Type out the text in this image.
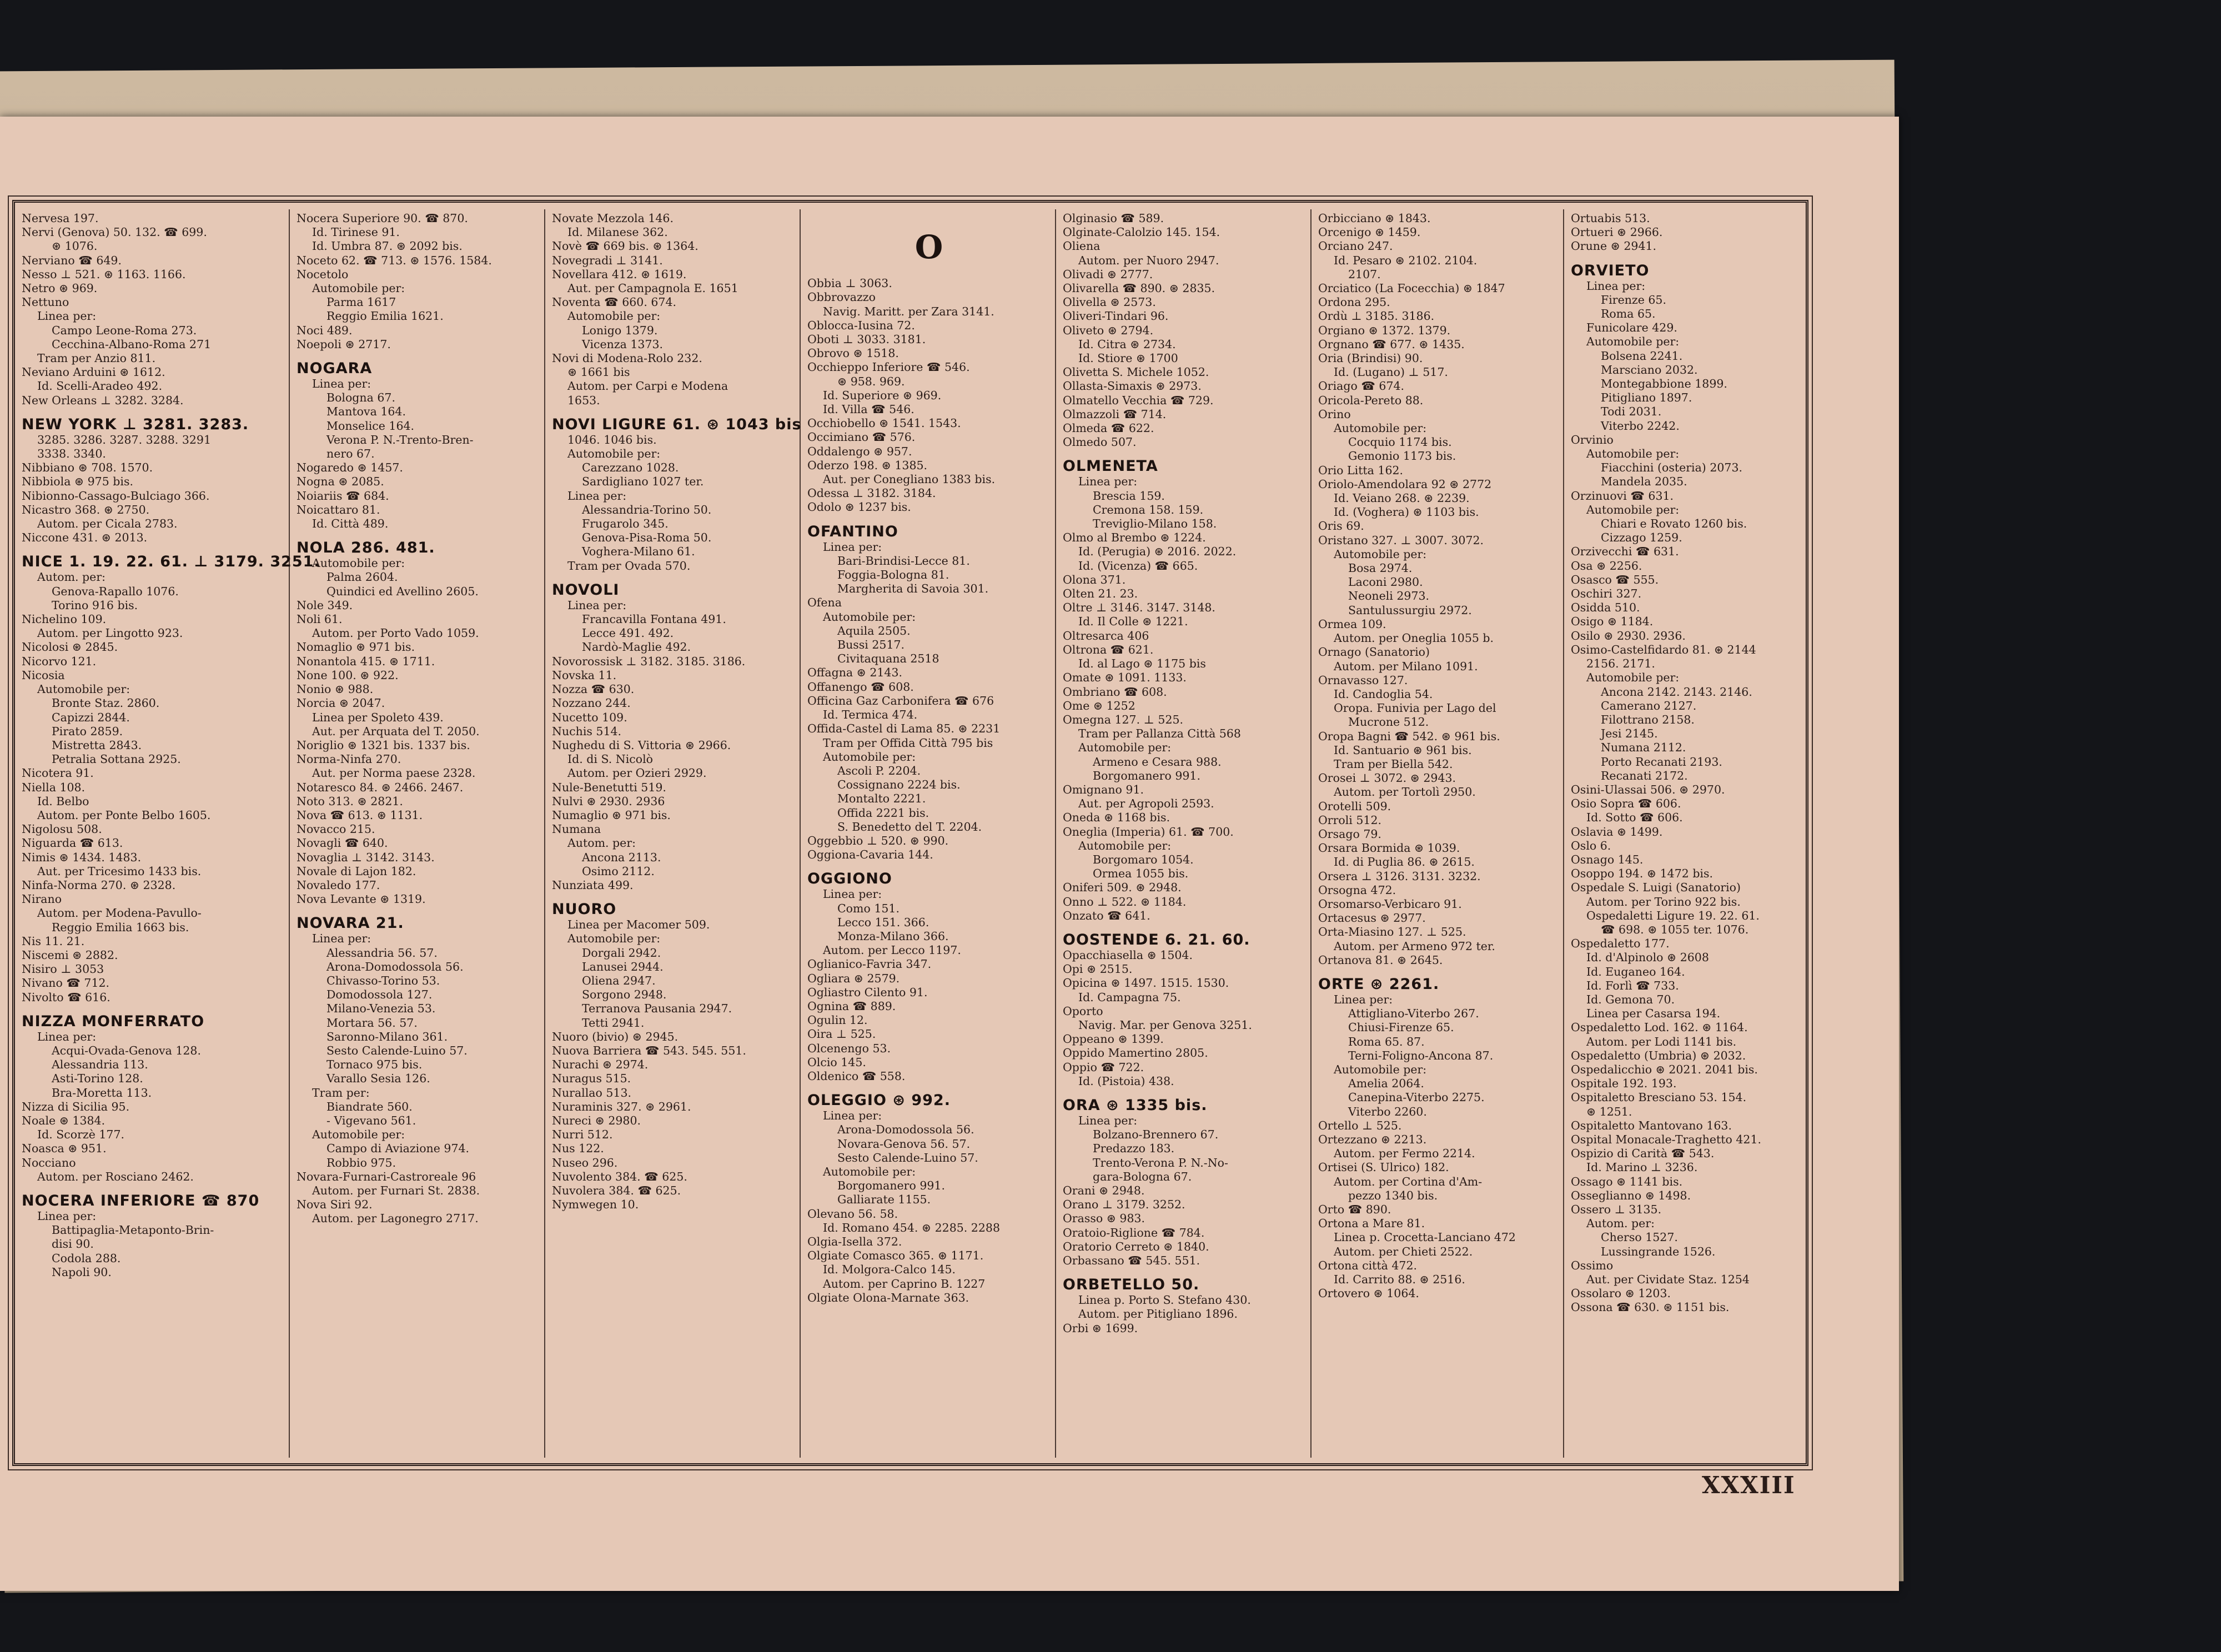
Nervesa 197.
Nervi (Genova) 50. 132. ☎ 699.
⊛ 1076.
Nerviano ☎ 649.
Nesso ⊥ 521. ⊛ 1163. 1166.
Netro ⊛ 969.
Nettuno
Linea per:
Campo Leone-Roma 273.
Cecchina-Albano-Roma 271
Tram per Anzio 811.
Neviano Arduini ⊛ 1612.
Id. Scelli-Aradeo 492.
New Orleans ⊥ 3282. 3284.
NEW YORK ⊥ 3281. 3283.
3285. 3286. 3287. 3288. 3291
3338. 3340.
Nibbiano ⊛ 708. 1570.
Nibbiola ⊛ 975 bis.
Nibionno-Cassago-Bulciago 366.
Nicastro 368. ⊛ 2750.
Autom. per Cicala 2783.
Niccone 431. ⊛ 2013.
NICE 1. 19. 22. 61. ⊥ 3179. 3251.
Autom. per:
Genova-Rapallo 1076.
Torino 916 bis.
Nichelino 109.
Autom. per Lingotto 923.
Nicolosi ⊛ 2845.
Nicorvo 121.
Nicosia
Automobile per:
Bronte Staz. 2860.
Capizzi 2844.
Pirato 2859.
Mistretta 2843.
Petralia Sottana 2925.
Nicotera 91.
Niella 108.
Id. Belbo
Autom. per Ponte Belbo 1605.
Nigolosu 508.
Niguarda ☎ 613.
Nimis ⊛ 1434. 1483.
Aut. per Tricesimo 1433 bis.
Ninfa-Norma 270. ⊛ 2328.
Nirano
Autom. per Modena-Pavullo-
Reggio Emilia 1663 bis.
Nis 11. 21.
Niscemi ⊛ 2882.
Nisiro ⊥ 3053
Nivano ☎ 712.
Nivolto ☎ 616.
NIZZA MONFERRATO
Linea per:
Acqui-Ovada-Genova 128.
Alessandria 113.
Asti-Torino 128.
Bra-Moretta 113.
Nizza di Sicilia 95.
Noale ⊛ 1384.
Id. Scorzè 177.
Noasca ⊛ 951.
Nocciano
Autom. per Rosciano 2462.
NOCERA INFERIORE ☎ 870
Linea per:
Battipaglia-Metaponto-Brin-
disi 90.
Codola 288.
Napoli 90.
Nocera Superiore 90. ☎ 870.
Id. Tirinese 91.
Id. Umbra 87. ⊛ 2092 bis.
Noceto 62. ☎ 713. ⊛ 1576. 1584.
Nocetolo
Automobile per:
Parma 1617
Reggio Emilia 1621.
Noci 489.
Noepoli ⊛ 2717.
NOGARA
Linea per:
Bologna 67.
Mantova 164.
Monselice 164.
Verona P. N.-Trento-Bren-
nero 67.
Nogaredo ⊛ 1457.
Nogna ⊛ 2085.
Noiariis ☎ 684.
Noicattaro 81.
Id. Città 489.
NOLA 286. 481.
Automobile per:
Palma 2604.
Quindici ed Avellino 2605.
Nole 349.
Noli 61.
Autom. per Porto Vado 1059.
Nomaglio ⊛ 971 bis.
Nonantola 415. ⊛ 1711.
None 100. ⊛ 922.
Nonio ⊛ 988.
Norcia ⊛ 2047.
Linea per Spoleto 439.
Aut. per Arquata del T. 2050.
Noriglio ⊛ 1321 bis. 1337 bis.
Norma-Ninfa 270.
Aut. per Norma paese 2328.
Notaresco 84. ⊛ 2466. 2467.
Noto 313. ⊛ 2821.
Nova ☎ 613. ⊛ 1131.
Novacco 215.
Novagli ☎ 640.
Novaglia ⊥ 3142. 3143.
Novale di Lajon 182.
Novaledo 177.
Nova Levante ⊛ 1319.
NOVARA 21.
Linea per:
Alessandria 56. 57.
Arona-Domodossola 56.
Chivasso-Torino 53.
Domodossola 127.
Milano-Venezia 53.
Mortara 56. 57.
Saronno-Milano 361.
Sesto Calende-Luino 57.
Tornaco 975 bis.
Varallo Sesia 126.
Tram per:
Biandrate 560.
- Vigevano 561.
Automobile per:
Campo di Aviazione 974.
Robbio 975.
Novara-Furnari-Castroreale 96
Autom. per Furnari St. 2838.
Nova Siri 92.
Autom. per Lagonegro 2717.
Novate Mezzola 146.
Id. Milanese 362.
Novè ☎ 669 bis. ⊛ 1364.
Novegradi ⊥ 3141.
Novellara 412. ⊛ 1619.
Aut. per Campagnola E. 1651
Noventa ☎ 660. 674.
Automobile per:
Lonigo 1379.
Vicenza 1373.
Novi di Modena-Rolo 232.
⊛ 1661 bis
Autom. per Carpi e Modena
1653.
NOVI LIGURE 61. ⊛ 1043 bis
1046. 1046 bis.
Automobile per:
Carezzano 1028.
Sardigliano 1027 ter.
Linea per:
Alessandria-Torino 50.
Frugarolo 345.
Genova-Pisa-Roma 50.
Voghera-Milano 61.
Tram per Ovada 570.
NOVOLI
Linea per:
Francavilla Fontana 491.
Lecce 491. 492.
Nardò-Maglie 492.
Novorossisk ⊥ 3182. 3185. 3186.
Novska 11.
Nozza ☎ 630.
Nozzano 244.
Nucetto 109.
Nuchis 514.
Nughedu di S. Vittoria ⊛ 2966.
Id. di S. Nicolò
Autom. per Ozieri 2929.
Nule-Benetutti 519.
Nulvi ⊛ 2930. 2936
Numaglio ⊛ 971 bis.
Numana
Autom. per:
Ancona 2113.
Osimo 2112.
Nunziata 499.
NUORO
Linea per Macomer 509.
Automobile per:
Dorgali 2942.
Lanusei 2944.
Oliena 2947.
Sorgono 2948.
Terranova Pausania 2947.
Tetti 2941.
Nuoro (bivio) ⊛ 2945.
Nuova Barriera ☎ 543. 545. 551.
Nurachi ⊛ 2974.
Nuragus 515.
Nurallao 513.
Nuraminis 327. ⊛ 2961.
Nureci ⊛ 2980.
Nurri 512.
Nus 122.
Nuseo 296.
Nuvolento 384. ☎ 625.
Nuvolera 384. ☎ 625.
Nymwegen 10.
O
Obbia ⊥ 3063.
Obbrovazzo
Navig. Maritt. per Zara 3141.
Oblocca-Iusina 72.
Oboti ⊥ 3033. 3181.
Obrovo ⊛ 1518.
Occhieppo Inferiore ☎ 546.
⊛ 958. 969.
Id. Superiore ⊛ 969.
Id. Villa ☎ 546.
Occhiobello ⊛ 1541. 1543.
Occimiano ☎ 576.
Oddalengo ⊛ 957.
Oderzo 198. ⊛ 1385.
Aut. per Conegliano 1383 bis.
Odessa ⊥ 3182. 3184.
Odolo ⊛ 1237 bis.
OFANTINO
Linea per:
Bari-Brindisi-Lecce 81.
Foggia-Bologna 81.
Margherita di Savoia 301.
Ofena
Automobile per:
Aquila 2505.
Bussi 2517.
Civitaquana 2518
Offagna ⊛ 2143.
Offanengo ☎ 608.
Officina Gaz Carbonifera ☎ 676
Id. Termica 474.
Offida-Castel di Lama 85. ⊛ 2231
Tram per Offida Città 795 bis
Automobile per:
Ascoli P. 2204.
Cossignano 2224 bis.
Montalto 2221.
Offida 2221 bis.
S. Benedetto del T. 2204.
Oggebbio ⊥ 520. ⊛ 990.
Oggiona-Cavaria 144.
OGGIONO
Linea per:
Como 151.
Lecco 151. 366.
Monza-Milano 366.
Autom. per Lecco 1197.
Oglianico-Favria 347.
Ogliara ⊛ 2579.
Ogliastro Cilento 91.
Ognina ☎ 889.
Ogulin 12.
Oira ⊥ 525.
Olcenengo 53.
Olcio 145.
Oldenico ☎ 558.
OLEGGIO ⊛ 992.
Linea per:
Arona-Domodossola 56.
Novara-Genova 56. 57.
Sesto Calende-Luino 57.
Automobile per:
Borgomanero 991.
Galliarate 1155.
Olevano 56. 58.
Id. Romano 454. ⊛ 2285. 2288
Olgia-Isella 372.
Olgiate Comasco 365. ⊛ 1171.
Id. Molgora-Calco 145.
Autom. per Caprino B. 1227
Olgiate Olona-Marnate 363.
Olginasio ☎ 589.
Olginate-Calolzio 145. 154.
Oliena
Autom. per Nuoro 2947.
Olivadi ⊛ 2777.
Olivarella ☎ 890. ⊛ 2835.
Olivella ⊛ 2573.
Oliveri-Tindari 96.
Oliveto ⊛ 2794.
Id. Citra ⊛ 2734.
Id. Stiore ⊛ 1700
Olivetta S. Michele 1052.
Ollasta-Simaxis ⊛ 2973.
Olmatello Vecchia ☎ 729.
Olmazzoli ☎ 714.
Olmeda ☎ 622.
Olmedo 507.
OLMENETA
Linea per:
Brescia 159.
Cremona 158. 159.
Treviglio-Milano 158.
Olmo al Brembo ⊛ 1224.
Id. (Perugia) ⊛ 2016. 2022.
Id. (Vicenza) ☎ 665.
Olona 371.
Olten 21. 23.
Oltre ⊥ 3146. 3147. 3148.
Id. Il Colle ⊛ 1221.
Oltresarca 406
Oltrona ☎ 621.
Id. al Lago ⊛ 1175 bis
Omate ⊛ 1091. 1133.
Ombriano ☎ 608.
Ome ⊛ 1252
Omegna 127. ⊥ 525.
Tram per Pallanza Città 568
Automobile per:
Armeno e Cesara 988.
Borgomanero 991.
Omignano 91.
Aut. per Agropoli 2593.
Oneda ⊛ 1168 bis.
Oneglia (Imperia) 61. ☎ 700.
Automobile per:
Borgomaro 1054.
Ormea 1055 bis.
Oniferi 509. ⊛ 2948.
Onno ⊥ 522. ⊛ 1184.
Onzato ☎ 641.
OOSTENDE 6. 21. 60.
Opacchiasella ⊛ 1504.
Opi ⊛ 2515.
Opicina ⊛ 1497. 1515. 1530.
Id. Campagna 75.
Oporto
Navig. Mar. per Genova 3251.
Oppeano ⊛ 1399.
Oppido Mamertino 2805.
Oppio ☎ 722.
Id. (Pistoia) 438.
ORA ⊛ 1335 bis.
Linea per:
Bolzano-Brennero 67.
Predazzo 183.
Trento-Verona P. N.-No-
gara-Bologna 67.
Orani ⊛ 2948.
Orano ⊥ 3179. 3252.
Orasso ⊛ 983.
Oratoio-Riglione ☎ 784.
Oratorio Cerreto ⊛ 1840.
Orbassano ☎ 545. 551.
ORBETELLO 50.
Linea p. Porto S. Stefano 430.
Autom. per Pitigliano 1896.
Orbi ⊛ 1699.
Orbicciano ⊛ 1843.
Orcenigo ⊛ 1459.
Orciano 247.
Id. Pesaro ⊛ 2102. 2104.
2107.
Orciatico (La Focecchia) ⊛ 1847
Ordona 295.
Ordù ⊥ 3185. 3186.
Orgiano ⊛ 1372. 1379.
Orgnano ☎ 677. ⊛ 1435.
Oria (Brindisi) 90.
Id. (Lugano) ⊥ 517.
Oriago ☎ 674.
Oricola-Pereto 88.
Orino
Automobile per:
Cocquio 1174 bis.
Gemonio 1173 bis.
Orio Litta 162.
Oriolo-Amendolara 92 ⊛ 2772
Id. Veiano 268. ⊛ 2239.
Id. (Voghera) ⊛ 1103 bis.
Oris 69.
Oristano 327. ⊥ 3007. 3072.
Automobile per:
Bosa 2974.
Laconi 2980.
Neoneli 2973.
Santulussurgiu 2972.
Ormea 109.
Autom. per Oneglia 1055 b.
Ornago (Sanatorio)
Autom. per Milano 1091.
Ornavasso 127.
Id. Candoglia 54.
Oropa. Funivia per Lago del
Mucrone 512.
Oropa Bagni ☎ 542. ⊛ 961 bis.
Id. Santuario ⊛ 961 bis.
Tram per Biella 542.
Orosei ⊥ 3072. ⊛ 2943.
Autom. per Tortolì 2950.
Orotelli 509.
Orroli 512.
Orsago 79.
Orsara Bormida ⊛ 1039.
Id. di Puglia 86. ⊛ 2615.
Orsera ⊥ 3126. 3131. 3232.
Orsogna 472.
Orsomarso-Verbicaro 91.
Ortacesus ⊛ 2977.
Orta-Miasino 127. ⊥ 525.
Autom. per Armeno 972 ter.
Ortanova 81. ⊛ 2645.
ORTE ⊛ 2261.
Linea per:
Attigliano-Viterbo 267.
Chiusi-Firenze 65.
Roma 65. 87.
Terni-Foligno-Ancona 87.
Automobile per:
Amelia 2064.
Canepina-Viterbo 2275.
Viterbo 2260.
Ortello ⊥ 525.
Ortezzano ⊛ 2213.
Autom. per Fermo 2214.
Ortisei (S. Ulrico) 182.
Autom. per Cortina d'Am-
pezzo 1340 bis.
Orto ☎ 890.
Ortona a Mare 81.
Linea p. Crocetta-Lanciano 472
Autom. per Chieti 2522.
Ortona città 472.
Id. Carrito 88. ⊛ 2516.
Ortovero ⊛ 1064.
Ortuabis 513.
Ortueri ⊛ 2966.
Orune ⊛ 2941.
ORVIETO
Linea per:
Firenze 65.
Roma 65.
Funicolare 429.
Automobile per:
Bolsena 2241.
Marsciano 2032.
Montegabbione 1899.
Pitigliano 1897.
Todi 2031.
Viterbo 2242.
Orvinio
Automobile per:
Fiacchini (osteria) 2073.
Mandela 2035.
Orzinuovi ☎ 631.
Automobile per:
Chiari e Rovato 1260 bis.
Cizzago 1259.
Orzivecchi ☎ 631.
Osa ⊛ 2256.
Osasco ☎ 555.
Oschiri 327.
Osidda 510.
Osigo ⊛ 1184.
Osilo ⊛ 2930. 2936.
Osimo-Castelfidardo 81. ⊛ 2144
2156. 2171.
Automobile per:
Ancona 2142. 2143. 2146.
Camerano 2127.
Filottrano 2158.
Jesi 2145.
Numana 2112.
Porto Recanati 2193.
Recanati 2172.
Osini-Ulassai 506. ⊛ 2970.
Osio Sopra ☎ 606.
Id. Sotto ☎ 606.
Oslavia ⊛ 1499.
Oslo 6.
Osnago 145.
Osoppo 194. ⊛ 1472 bis.
Ospedale S. Luigi (Sanatorio)
Autom. per Torino 922 bis.
Ospedaletti Ligure 19. 22. 61.
☎ 698. ⊛ 1055 ter. 1076.
Ospedaletto 177.
Id. d'Alpinolo ⊛ 2608
Id. Euganeo 164.
Id. Forlì ☎ 733.
Id. Gemona 70.
Linea per Casarsa 194.
Ospedaletto Lod. 162. ⊛ 1164.
Autom. per Lodi 1141 bis.
Ospedaletto (Umbria) ⊛ 2032.
Ospedalicchio ⊛ 2021. 2041 bis.
Ospitale 192. 193.
Ospitaletto Bresciano 53. 154.
⊛ 1251.
Ospitaletto Mantovano 163.
Ospital Monacale-Traghetto 421.
Ospizio di Carità ☎ 543.
Id. Marino ⊥ 3236.
Ossago ⊛ 1141 bis.
Osseglianno ⊛ 1498.
Ossero ⊥ 3135.
Autom. per:
Cherso 1527.
Lussingrande 1526.
Ossimo
Aut. per Cividate Staz. 1254
Ossolaro ⊛ 1203.
Ossona ☎ 630. ⊛ 1151 bis.
XXXIII
